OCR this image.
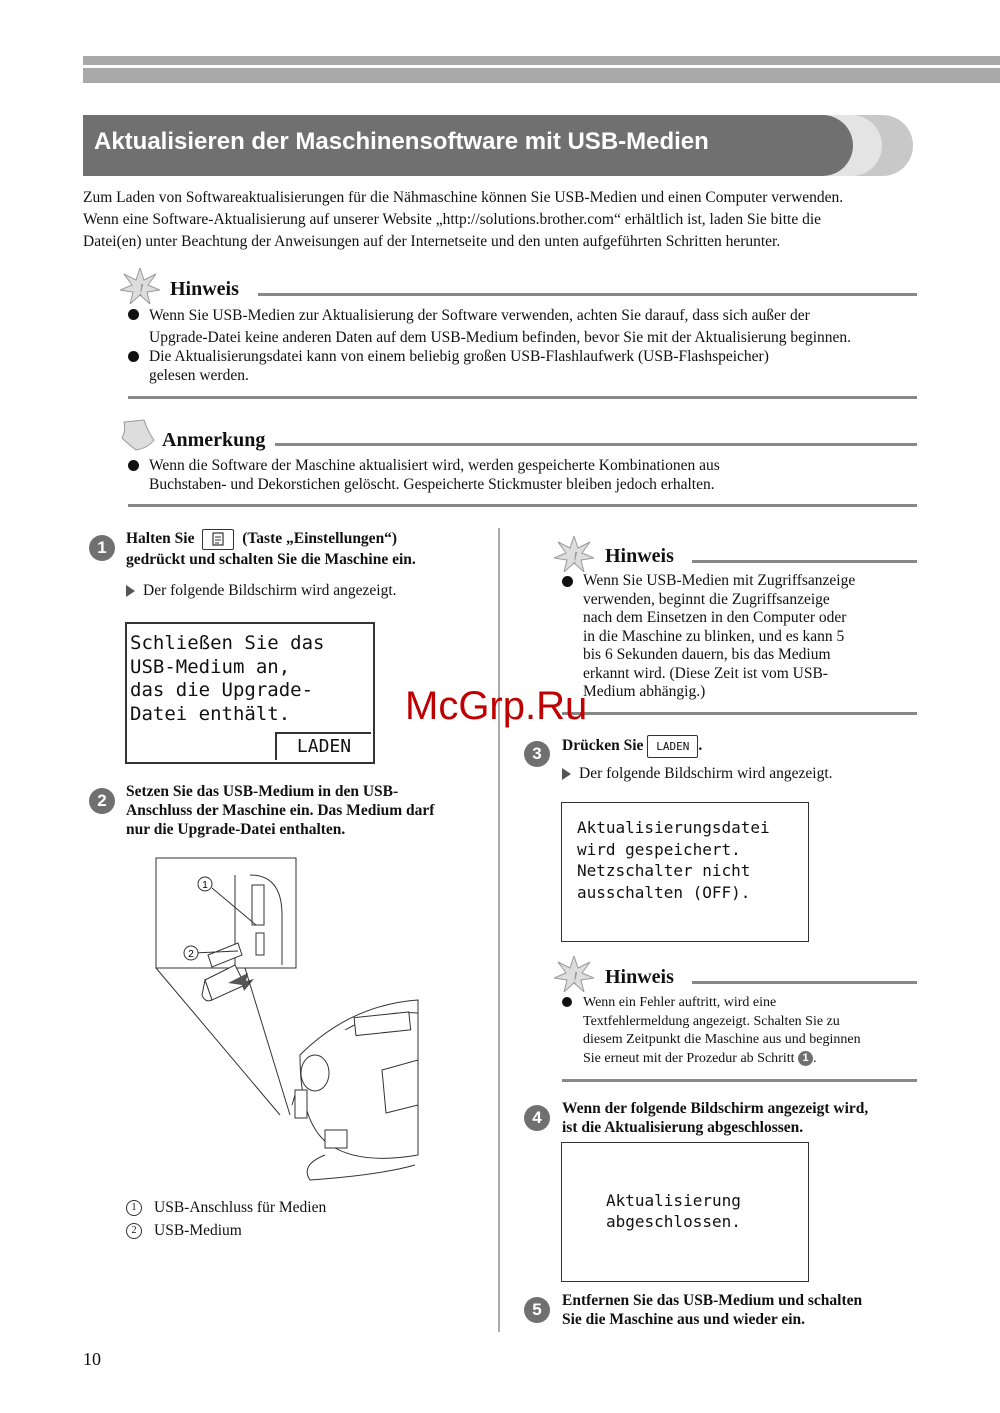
Aktualisieren der Maschinensoftware mit USB-Medien

Zum Laden von Softwareaktualisierungen für die Nähmaschine können Sie USB-Medien und einen Computer verwenden.

Wenn eine Software-Aktualisierung auf unserer Website „http://solutions.brother.com“ erhältlich ist, laden Sie bitte die

Datei(en) unter Beachtung der Anweisungen auf der Internetseite und den unten aufgeführten Schritten herunter.

! Hinweis
Wenn Sie USB-Medien zur Aktualisierung der Software verwenden, achten Sie darauf, dass sich außer der
Upgrade-Datei keine anderen Daten auf dem USB-Medium befinden, bevor Sie mit der Aktualisierung beginnen.
Die Aktualisierungsdatei kann von einem beliebig großen USB-Flashlaufwerk (USB-Flashspeicher)
gelesen werden.
Anmerkung
Wenn die Software der Maschine aktualisiert wird, werden gespeicherte Kombinationen aus
Buchstaben- und Dekorstichen gelöscht. Gespeicherte Stickmuster bleiben jedoch erhalten.
1	Halten Sie	(Taste „Einstellungen“)
gedrückt und schalten Sie die Maschine ein.
Der folgende Bildschirm wird angezeigt.
Schließen Sie das
USB-Medium an,
das die Upgrade-
Datei enthält.
LADEN
2	Setzen Sie das USB-Medium in den USB-
Anschluss der Maschine ein. Das Medium darf
nur die Upgrade-Datei enthalten.
1
2
1 USB-Anschluss für Medien
2 USB-Medium
! Hinweis
Wenn Sie USB-Medien mit Zugriffsanzeige
verwenden, beginnt die Zugriffsanzeige
nach dem Einsetzen in den Computer oder
in die Maschine zu blinken, und es kann 5
bis 6 Sekunden dauern, bis das Medium
erkannt wird. (Diese Zeit ist vom USB-
Medium abhängig.)
McGrp.Ru
3	Drücken Sie LADEN .
Der folgende Bildschirm wird angezeigt.
Aktualisierungsdatei
wird gespeichert.
Netzschalter nicht
ausschalten (OFF).
! Hinweis
Wenn ein Fehler auftritt, wird eine
Textfehlermeldung angezeigt. Schalten Sie zu
diesem Zeitpunkt die Maschine aus und beginnen
Sie erneut mit der Prozedur ab Schritt 1 .
4	Wenn der folgende Bildschirm angezeigt wird,
ist die Aktualisierung abgeschlossen.
Aktualisierung
abgeschlossen.
5	Entfernen Sie das USB-Medium und schalten
Sie die Maschine aus und wieder ein.
10
